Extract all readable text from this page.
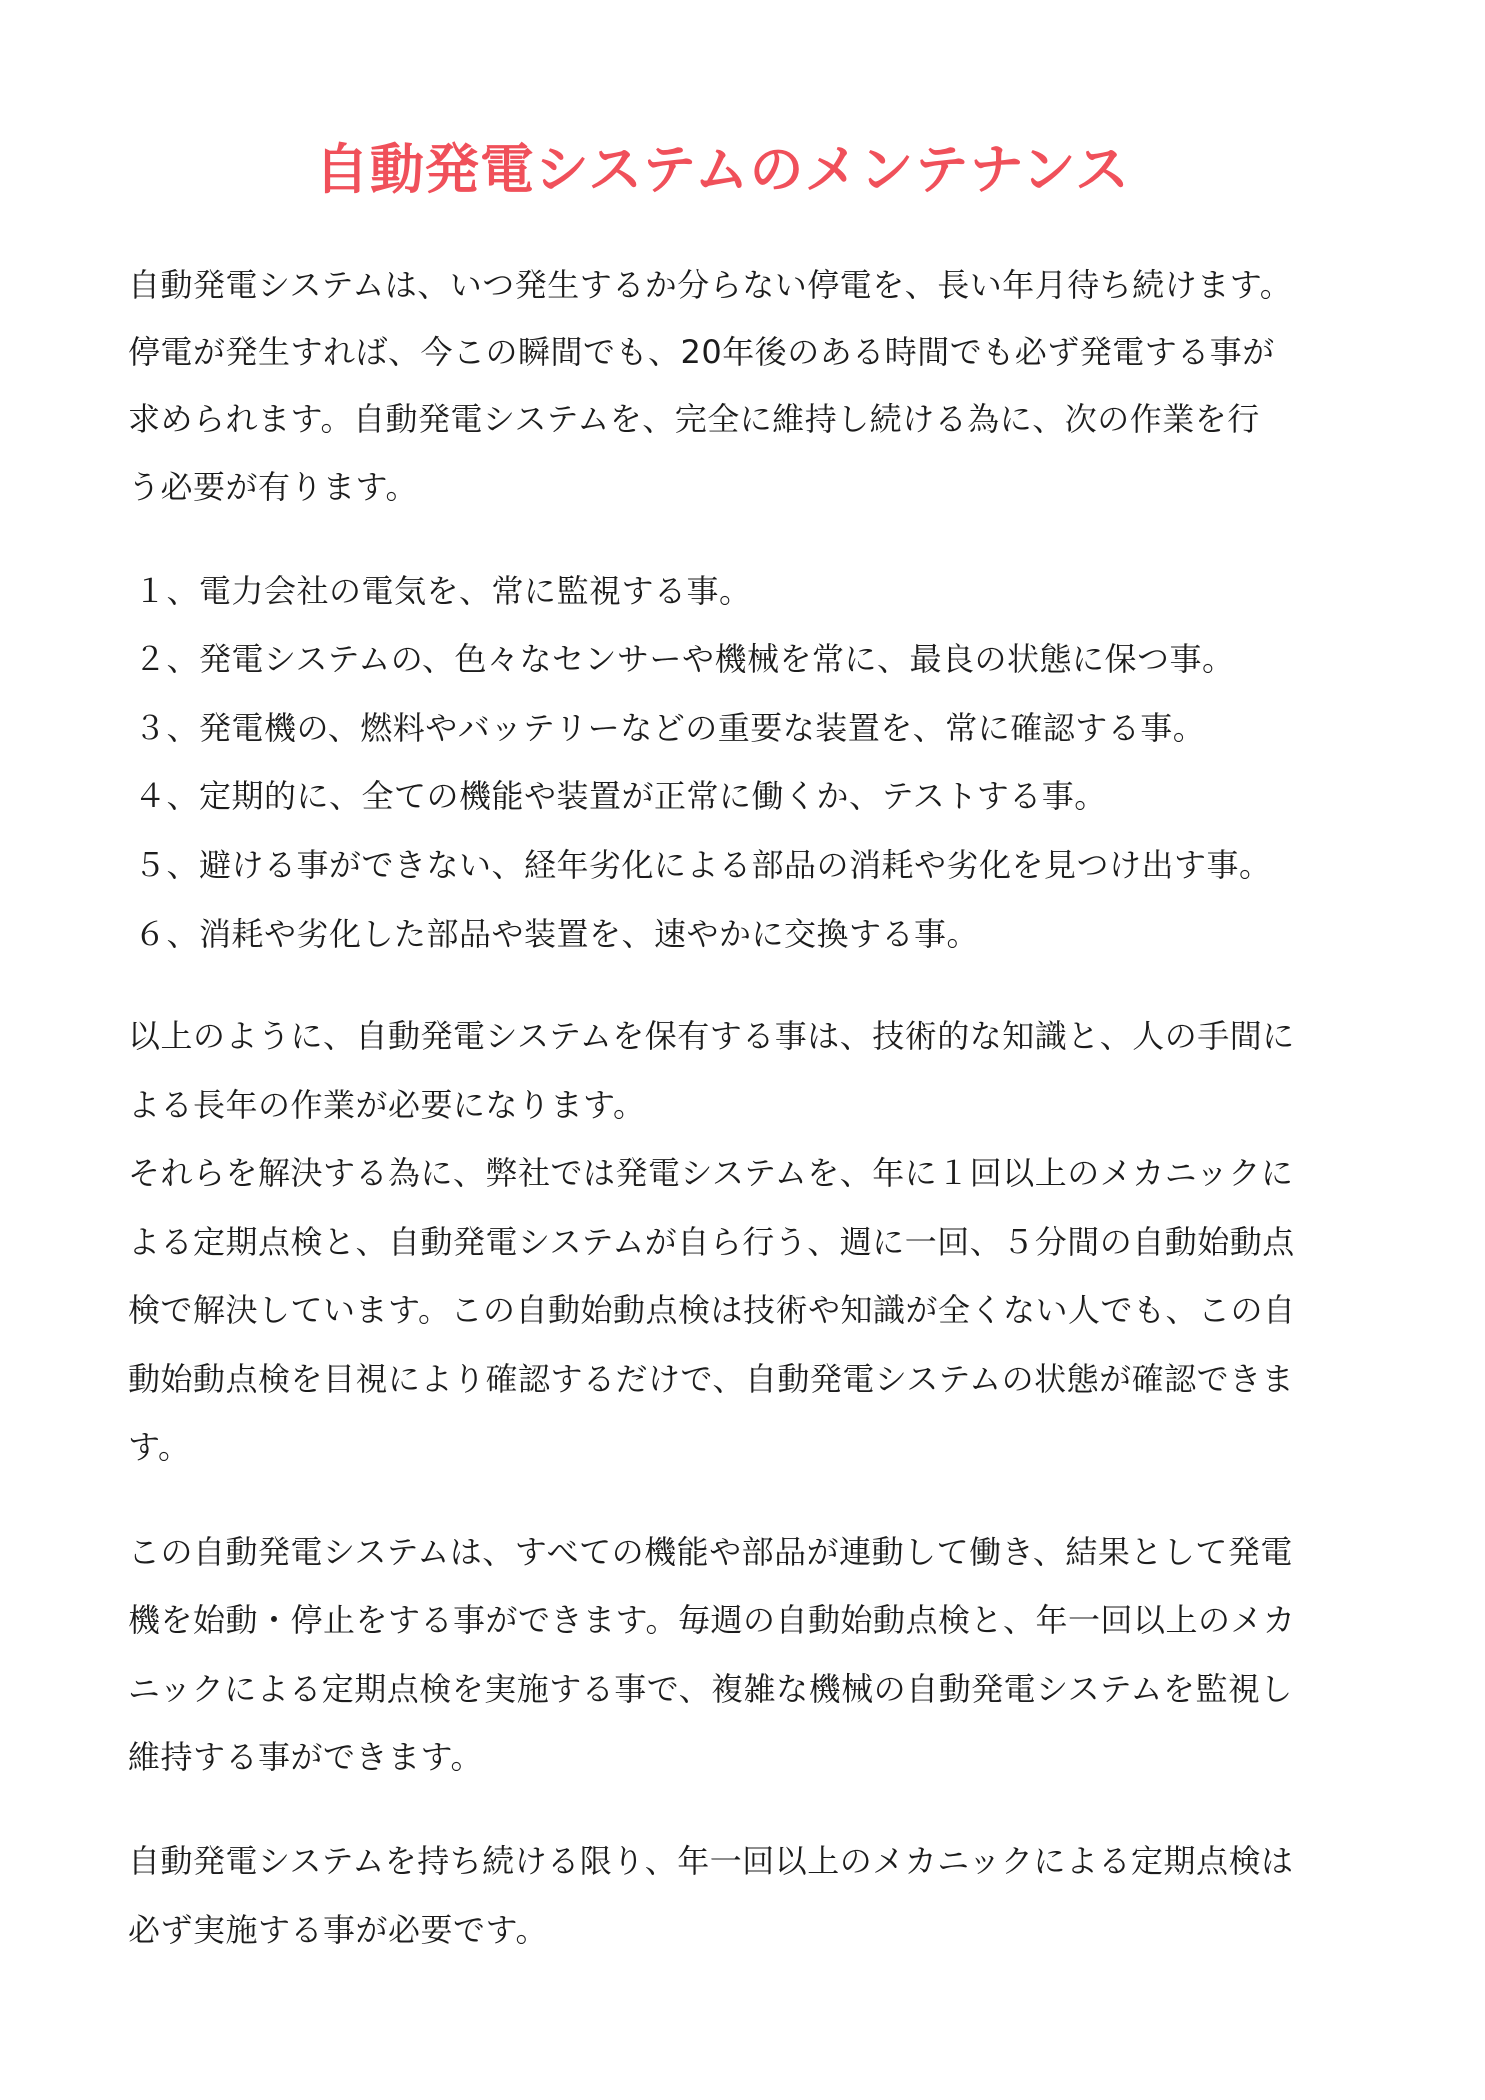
自動発電システムのメンテナンス
自動発電システムは、いつ発生するか分らない停電を、長い年月待ち続けます。
停電が発生すれば、今この瞬間でも、20年後のある時間でも必ず発電する事が
求められます。自動発電システムを、完全に維持し続ける為に、次の作業を行
う必要が有ります。
１、電力会社の電気を、常に監視する事。
２、発電システムの、色々なセンサーや機械を常に、最良の状態に保つ事。
３、発電機の、燃料やバッテリーなどの重要な装置を、常に確認する事。
４、定期的に、全ての機能や装置が正常に働くか、テストする事。
５、避ける事ができない、経年劣化による部品の消耗や劣化を見つけ出す事。
６、消耗や劣化した部品や装置を、速やかに交換する事。
以上のように、自動発電システムを保有する事は、技術的な知識と、人の手間に
よる長年の作業が必要になります。
それらを解決する為に、弊社では発電システムを、年に１回以上のメカニックに
よる定期点検と、自動発電システムが自ら行う、週に一回、５分間の自動始動点
検で解決しています。この自動始動点検は技術や知識が全くない人でも、この自
動始動点検を目視により確認するだけで、自動発電システムの状態が確認できま
す。
この自動発電システムは、すべての機能や部品が連動して働き、結果として発電
機を始動・停止をする事ができます。毎週の自動始動点検と、年一回以上のメカ
ニックによる定期点検を実施する事で、複雑な機械の自動発電システムを監視し
維持する事ができます。
自動発電システムを持ち続ける限り、年一回以上のメカニックによる定期点検は
必ず実施する事が必要です。
